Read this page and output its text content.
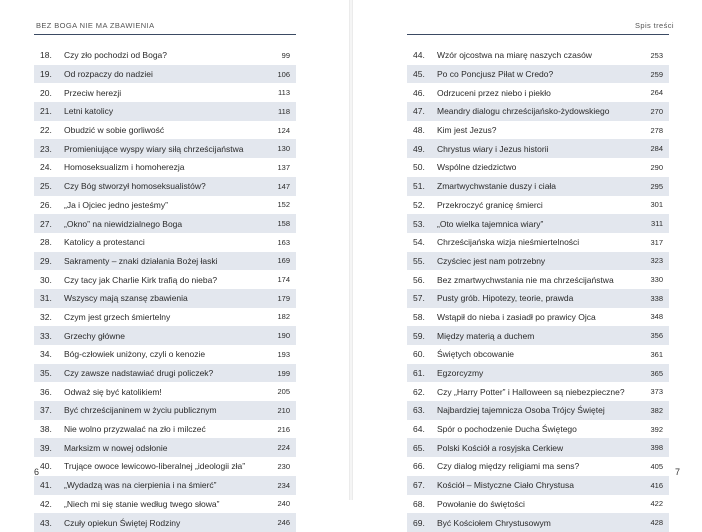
BEZ BOGA NIE MA ZBAWIENIA
18.	Czy zło pochodzi od Boga?	99
19.	Od rozpaczy do nadziei	106
20.	Przeciw herezji	113
21.	Letni katolicy	118
22.	Obudzić w sobie gorliwość	124
23.	Promieniujące wyspy wiary siłą chrześcijaństwa	130
24.	Homoseksualizm i homoherezja	137
25.	Czy Bóg stworzył homoseksualistów?	147
26.	„Ja i Ojciec jedno jesteśmy”	152
27.	„Okno” na niewidzialnego Boga	158
28.	Katolicy a protestanci	163
29.	Sakramenty – znaki działania Bożej łaski	169
30.	Czy tacy jak Charlie Kirk trafią do nieba?	174
31.	Wszyscy mają szansę zbawienia	179
32.	Czym jest grzech śmiertelny	182
33.	Grzechy główne	190
34.	Bóg-człowiek uniżony, czyli o kenozie	193
35.	Czy zawsze nadstawiać drugi policzek?	199
36.	Odważ się być katolikiem!	205
37.	Być chrześcijaninem w życiu publicznym	210
38.	Nie wolno przyzwalać na zło i milczeć	216
39.	Marksizm w nowej odsłonie	224
40.	Trujące owoce lewicowo-liberalnej „ideologii zła”	230
41.	„Wydadzą was na cierpienia i na śmierć”	234
42.	„Niech mi się stanie według twego słowa”	240
43.	Czuły opiekun Świętej Rodziny	246
6
Spis treści
44.	Wzór ojcostwa na miarę naszych czasów	253
45.	Po co Poncjusz Piłat w Credo?	259
46.	Odrzuceni przez niebo i piekło	264
47.	Meandry dialogu chrześcijańsko-żydowskiego	270
48.	Kim jest Jezus?	278
49.	Chrystus wiary i Jezus historii	284
50.	Wspólne dziedzictwo	290
51.	Zmartwychwstanie duszy i ciała	295
52.	Przekroczyć granicę śmierci	301
53.	„Oto wielka tajemnica wiary”	311
54.	Chrześcijańska wizja nieśmiertelności	317
55.	Czyściec jest nam potrzebny	323
56.	Bez zmartwychwstania nie ma chrześcijaństwa	330
57.	Pusty grób. Hipotezy, teorie, prawda	338
58.	Wstąpił do nieba i zasiadł po prawicy Ojca	348
59.	Między materią a duchem	356
60.	Świętych obcowanie	361
61.	Egzorcyzmy	365
62.	Czy „Harry Potter” i Halloween są niebezpieczne?	373
63.	Najbardziej tajemnicza Osoba Trójcy Świętej	382
64.	Spór o pochodzenie Ducha Świętego	392
65.	Polski Kościół a rosyjska Cerkiew	398
66.	Czy dialog między religiami ma sens?	405
67.	Kościół – Mistyczne Ciało Chrystusa	416
68.	Powołanie do świętości	422
69.	Być Kościołem Chrystusowym	428
7
